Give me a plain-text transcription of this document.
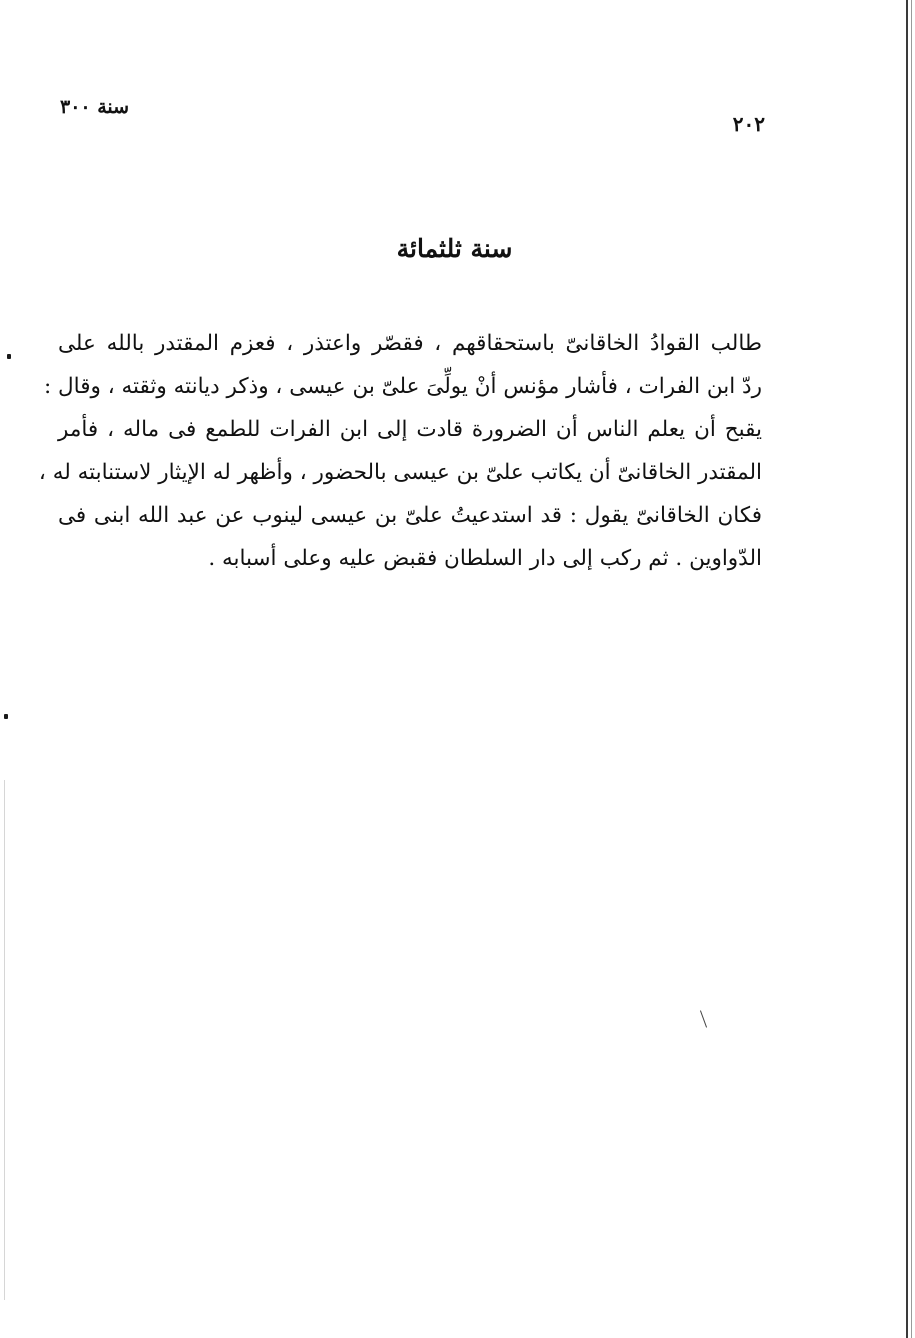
سنة ٣٠٠
٢٠٢
سنة ثلثمائة
طالب القوادُ الخاقانىّ باستحقاقهم ، فقصّر واعتذر ، فعزم المقتدر بالله على
ردّ ابن الفرات ، فأشار مؤنس أنْ يولِّىَ علىّ بن عيسى ، وذكر ديانته وثقته ، وقال :
يقبح أن يعلم الناس أن الضرورة قادت إلى ابن الفرات للطمع فى ماله ، فأمر
المقتدر الخاقانىّ أن يكاتب علىّ بن عيسى بالحضور ، وأظهر له الإيثار لاستنابته له ،
فكان الخاقانىّ يقول : قد استدعيتُ علىّ بن عيسى لينوب عن عبد الله ابنى فى
الدّواوين . ثم ركب إلى دار السلطان فقبض عليه وعلى أسبابه .
